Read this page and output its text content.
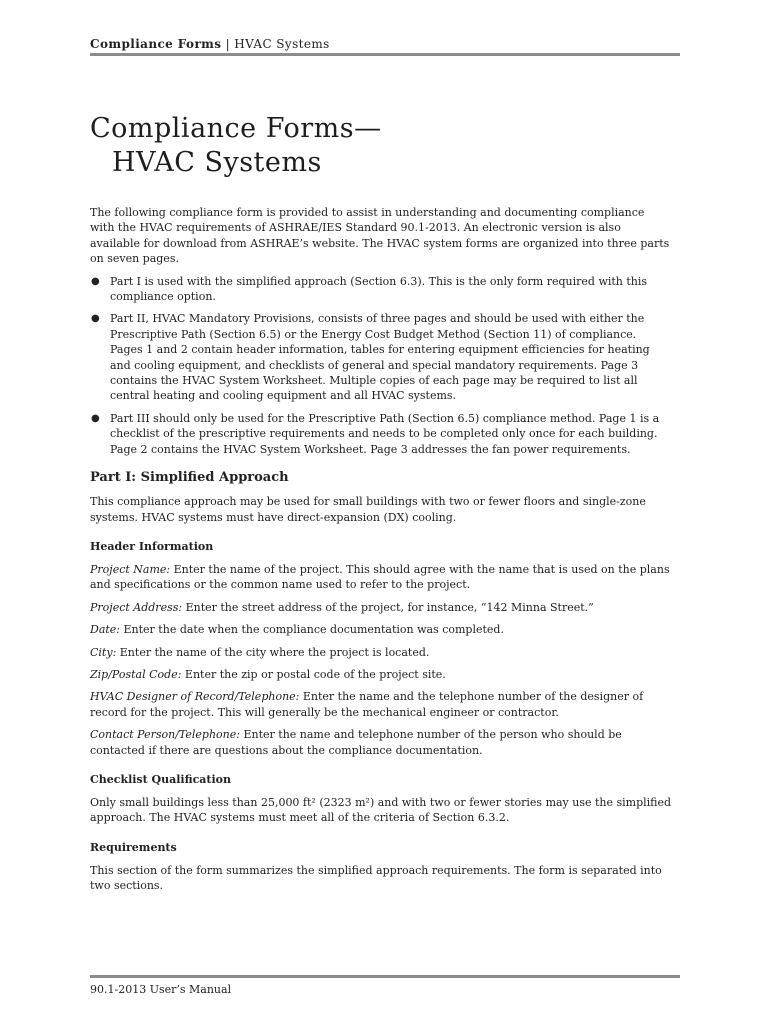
Compliance Forms | HVAC Systems
Compliance Forms—
HVAC Systems

The following compliance form is provided to assist in understanding and documenting compliance with the HVAC requirements of ASHRAE/IES Standard 90.1-2013. An electronic version is also available for download from ASHRAE’s website. The HVAC system forms are organized into three parts on seven pages.

● Part I is used with the simplified approach (Section 6.3). This is the only form required with this compliance option.
● Part II, HVAC Mandatory Provisions, consists of three pages and should be used with either the Prescriptive Path (Section 6.5) or the Energy Cost Budget Method (Section 11) of compliance. Pages 1 and 2 contain header information, tables for entering equipment efficiencies for heating and cooling equipment, and checklists of general and special mandatory requirements. Page 3 contains the HVAC System Worksheet. Multiple copies of each page may be required to list all central heating and cooling equipment and all HVAC systems.
● Part III should only be used for the Prescriptive Path (Section 6.5) compliance method. Page 1 is a checklist of the prescriptive requirements and needs to be completed only once for each building. Page 2 contains the HVAC System Worksheet. Page 3 addresses the fan power requirements.
Part I: Simplified Approach

This compliance approach may be used for small buildings with two or fewer floors and single-zone systems. HVAC systems must have direct-expansion (DX) cooling.

Header Information

Project Name: Enter the name of the project. This should agree with the name that is used on the plans and specifications or the common name used to refer to the project.

Project Address: Enter the street address of the project, for instance, “142 Minna Street.”

Date: Enter the date when the compliance documentation was completed.

City: Enter the name of the city where the project is located.

Zip/Postal Code: Enter the zip or postal code of the project site.

HVAC Designer of Record/Telephone: Enter the name and the telephone number of the designer of record for the project. This will generally be the mechanical engineer or contractor.

Contact Person/Telephone: Enter the name and telephone number of the person who should be contacted if there are questions about the compliance documentation.

Checklist Qualification

Only small buildings less than 25,000 ft² (2323 m²) and with two or fewer stories may use the simplified approach. The HVAC systems must meet all of the criteria of Section 6.3.2.

Requirements

This section of the form summarizes the simplified approach requirements. The form is separated into two sections.

90.1-2013 User’s Manual
